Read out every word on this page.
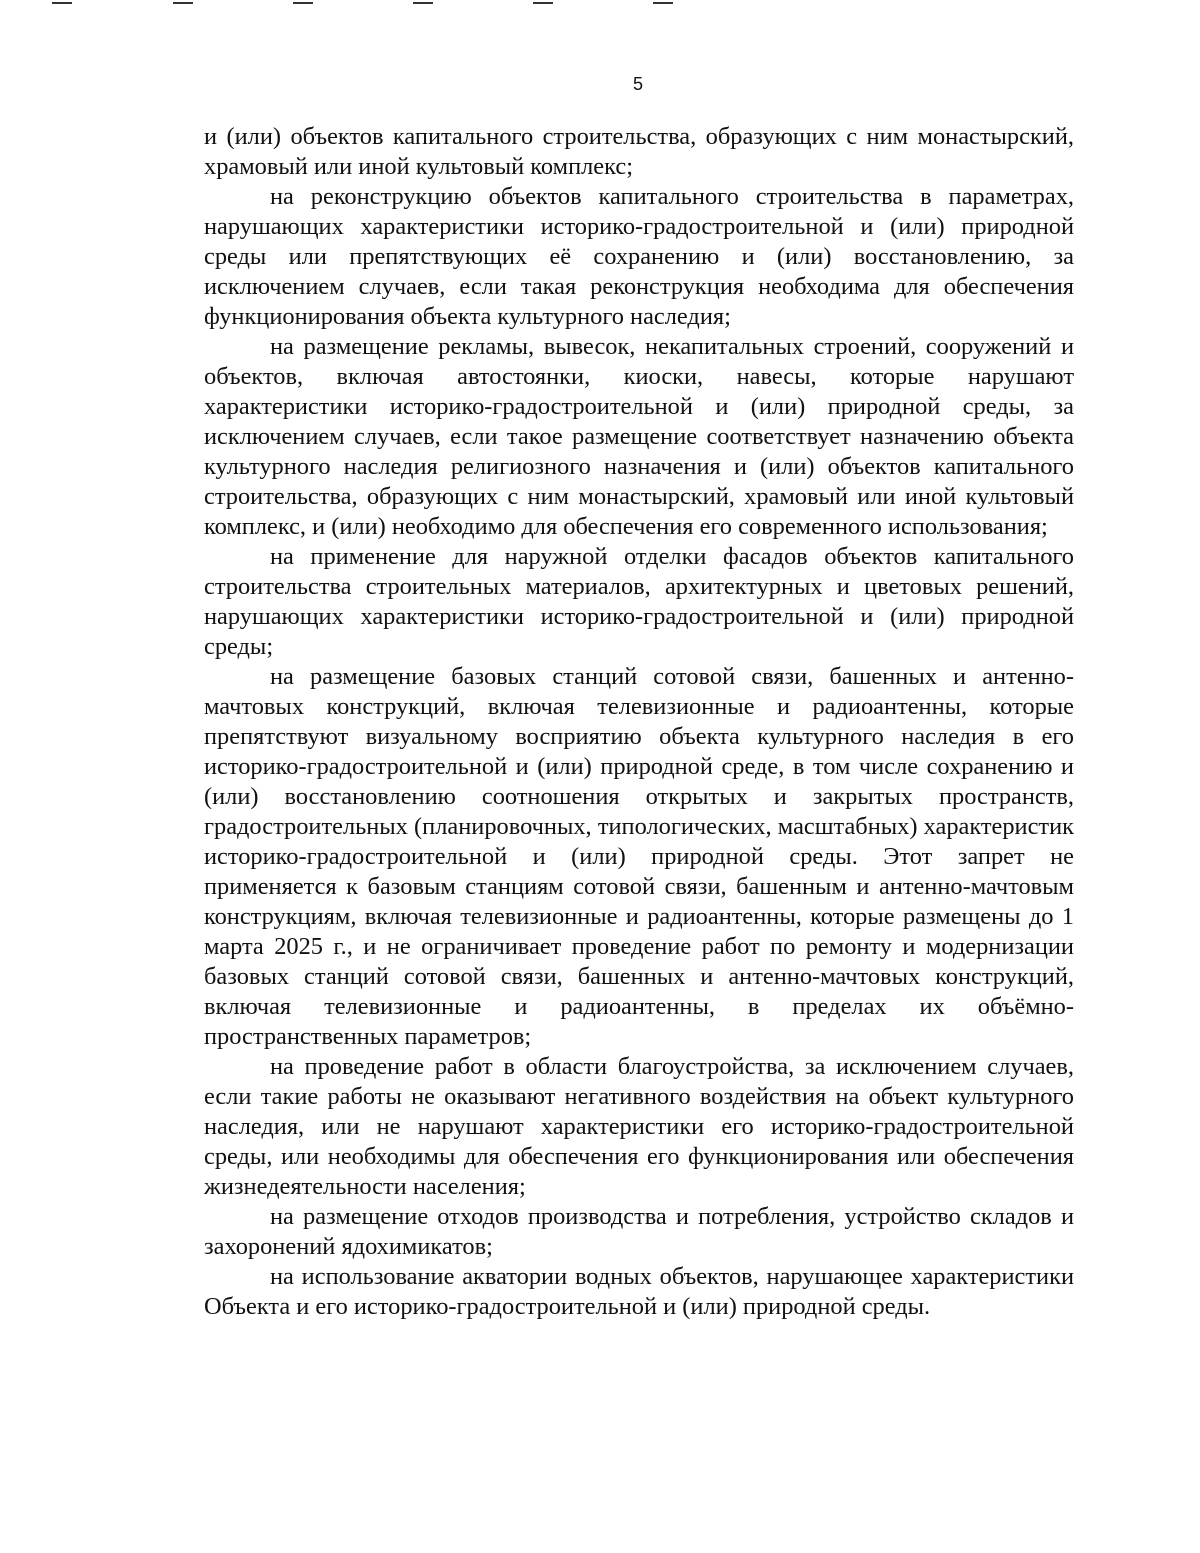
5

и (или) объектов капитального строительства, образующих с ним монастырский, храмовый или иной культовый комплекс;

на реконструкцию объектов капитального строительства в параметрах, нарушающих характеристики историко-градостроительной и (или) природной среды или препятствующих её сохранению и (или) восстановлению, за исключением случаев, если такая реконструкция необходима для обеспечения функционирования объекта культурного наследия;

на размещение рекламы, вывесок, некапитальных строений, сооружений и объектов, включая автостоянки, киоски, навесы, которые нарушают характеристики историко-градостроительной и (или) природной среды, за исключением случаев, если такое размещение соответствует назначению объекта культурного наследия религиозного назначения и (или) объектов капитального строительства, образующих с ним монастырский, храмовый или иной культовый комплекс, и (или) необходимо для обеспечения его современного использования;

на применение для наружной отделки фасадов объектов капитального строительства строительных материалов, архитектурных и цветовых решений, нарушающих характеристики историко-градостроительной и (или) природной среды;

на размещение базовых станций сотовой связи, башенных и антенно-мачтовых конструкций, включая телевизионные и радиоантенны, которые препятствуют визуальному восприятию объекта культурного наследия в его историко-градостроительной и (или) природной среде, в том числе сохранению и (или) восстановлению соотношения открытых и закрытых пространств, градостроительных (планировочных, типологических, масштабных) характеристик историко-градостроительной и (или) природной среды. Этот запрет не применяется к базовым станциям сотовой связи, башенным и антенно-мачтовым конструкциям, включая телевизионные и радиоантенны, которые размещены до 1 марта 2025 г., и не ограничивает проведение работ по ремонту и модернизации базовых станций сотовой связи, башенных и антенно-мачтовых конструкций, включая телевизионные и радиоантенны, в пределах их объёмно-пространственных параметров;

на проведение работ в области благоустройства, за исключением случаев, если такие работы не оказывают негативного воздействия на объект культурного наследия, или не нарушают характеристики его историко-градостроительной среды, или необходимы для обеспечения его функционирования или обеспечения жизнедеятельности населения;

на размещение отходов производства и потребления, устройство складов и захоронений ядохимикатов;

на использование акватории водных объектов, нарушающее характеристики Объекта и его историко-градостроительной и (или) природной среды.
